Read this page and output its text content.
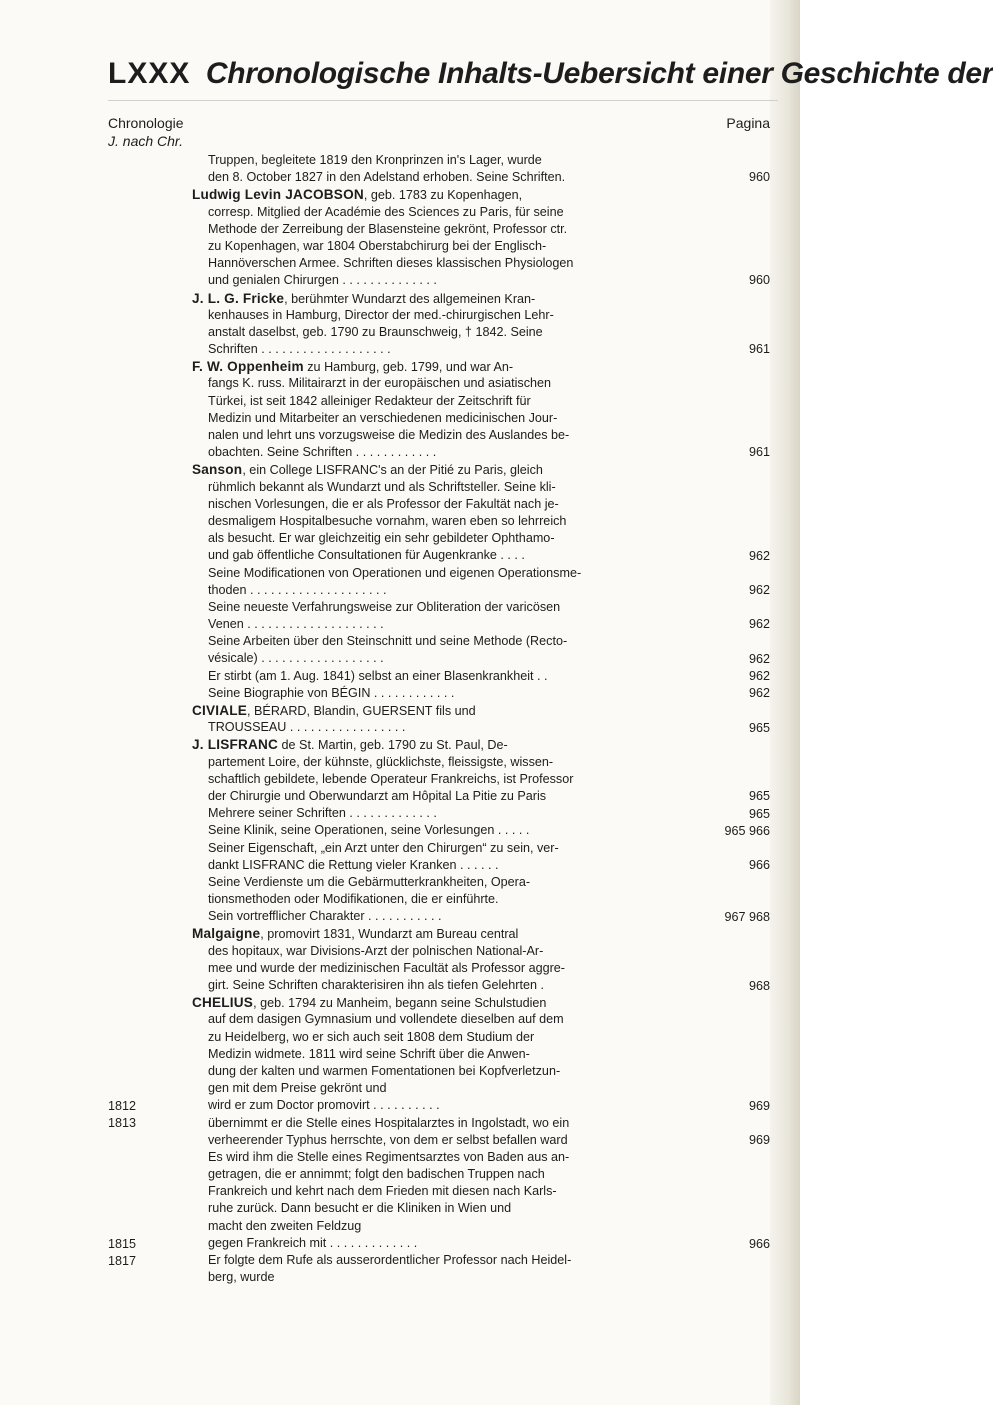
LXXX Chronologische Inhalts-Uebersicht einer Geschichte der
Chronologie
J. nach Chr.
Pagina
1812
1813
1815
1817
Truppen, begleitete 1819 den Kronprinzen in's Lager, wurde
den 8. October 1827 in den Adelstand erhoben. Seine Schriften.
Ludwig Levin JACOBSON, geb. 1783 zu Kopenhagen,
corresp. Mitglied der Académie des Sciences zu Paris, für seine
Methode der Zerreibung der Blasensteine gekrönt, Professor ctr.
zu Kopenhagen, war 1804 Oberstabchirurg bei der Englisch-
Hannöverschen Armee. Schriften dieses klassischen Physiologen
und genialen Chirurgen . . . . . . . . . . . . . .
J. L. G. Fricke, berühmter Wundarzt des allgemeinen Kran-
kenhauses in Hamburg, Director der med.-chirurgischen Lehr-
anstalt daselbst, geb. 1790 zu Braunschweig, † 1842. Seine
Schriften . . . . . . . . . . . . . . . . . . .
F. W. Oppenheim zu Hamburg, geb. 1799, und war An-
fangs K. russ. Militairarzt in der europäischen und asiatischen
Türkei, ist seit 1842 alleiniger Redakteur der Zeitschrift für
Medizin und Mitarbeiter an verschiedenen medicinischen Jour-
nalen und lehrt uns vorzugsweise die Medizin des Auslandes be-
obachten. Seine Schriften . . . . . . . . . . . .
Sanson, ein College LISFRANC's an der Pitié zu Paris, gleich
rühmlich bekannt als Wundarzt und als Schriftsteller. Seine kli-
nischen Vorlesungen, die er als Professor der Fakultät nach je-
desmaligem Hospitalbesuche vornahm, waren eben so lehrreich
als besucht. Er war gleichzeitig ein sehr gebildeter Ophthamo-
und gab öffentliche Consultationen für Augenkranke . . . .
Seine Modificationen von Operationen und eigenen Operationsme-
thoden . . . . . . . . . . . . . . . . . . . .
Seine neueste Verfahrungsweise zur Obliteration der varicösen
Venen . . . . . . . . . . . . . . . . . . . .
Seine Arbeiten über den Steinschnitt und seine Methode (Recto-
vésicale) . . . . . . . . . . . . . . . . . .
Er stirbt (am 1. Aug. 1841) selbst an einer Blasenkrankheit . .
Seine Biographie von BÉGIN . . . . . . . . . . . .
CIVIALE, BÉRARD, Blandin, GUERSENT fils und
TROUSSEAU . . . . . . . . . . . . . . . . .
J. LISFRANC de St. Martin, geb. 1790 zu St. Paul, De-
partement Loire, der kühnste, glücklichste, fleissigste, wissen-
schaftlich gebildete, lebende Operateur Frankreichs, ist Professor
der Chirurgie und Oberwundarzt am Hôpital La Pitie zu Paris
Mehrere seiner Schriften . . . . . . . . . . . . .
Seine Klinik, seine Operationen, seine Vorlesungen . . . . .
Seiner Eigenschaft, „ein Arzt unter den Chirurgen“ zu sein, ver-
dankt LISFRANC die Rettung vieler Kranken . . . . . .
Seine Verdienste um die Gebärmutterkrankheiten, Opera-
tionsmethoden oder Modifikationen, die er einführte.
Sein vortrefflicher Charakter . . . . . . . . . . .
Malgaigne, promovirt 1831, Wundarzt am Bureau central
des hopitaux, war Divisions-Arzt der polnischen National-Ar-
mee und wurde der medizinischen Facultät als Professor aggre-
girt. Seine Schriften charakterisiren ihn als tiefen Gelehrten .
CHELIUS, geb. 1794 zu Manheim, begann seine Schulstudien
auf dem dasigen Gymnasium und vollendete dieselben auf dem
zu Heidelberg, wo er sich auch seit 1808 dem Studium der
Medizin widmete. 1811 wird seine Schrift über die Anwen-
dung der kalten und warmen Fomentationen bei Kopfverletzun-
gen mit dem Preise gekrönt und
wird er zum Doctor promovirt . . . . . . . . . .
übernimmt er die Stelle eines Hospitalarztes in Ingolstadt, wo ein
verheerender Typhus herrschte, von dem er selbst befallen ward
Es wird ihm die Stelle eines Regimentsarztes von Baden aus an-
getragen, die er annimmt; folgt den badischen Truppen nach
Frankreich und kehrt nach dem Frieden mit diesen nach Karls-
ruhe zurück. Dann besucht er die Kliniken in Wien und
macht den zweiten Feldzug
gegen Frankreich mit . . . . . . . . . . . . .
Er folgte dem Rufe als ausserordentlicher Professor nach Heidel-
berg, wurde
960
960
961
961
962
962
962
962
962
962
965
965
965
965 966
966
967 968
968
969
969
966
